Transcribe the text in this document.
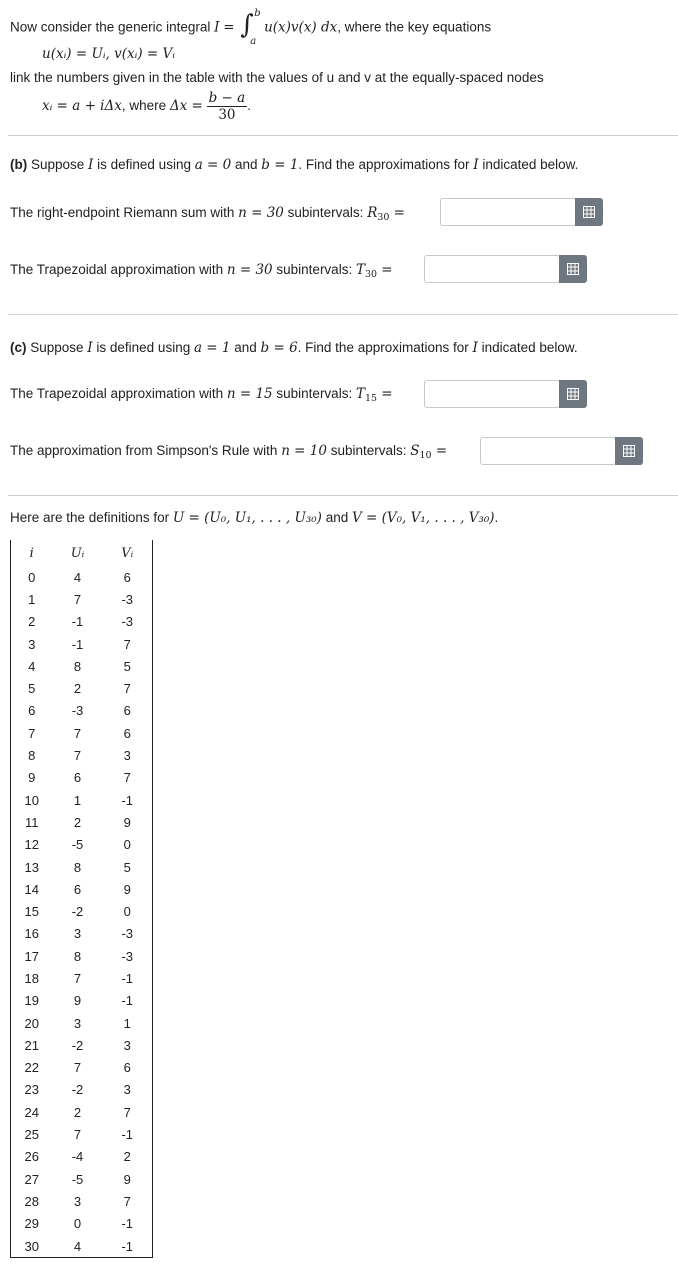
Now consider the generic integral I = ∫ b
a
u(x)v(x) dx, where the key equations
u(xᵢ) = Uᵢ, v(xᵢ) = Vᵢ
link the numbers given in the table with the values of u and v at the equally-spaced nodes
xᵢ = a + iΔx, where $\Delta x = \frac{b - a}{30}$ .
(b) Suppose I is defined using a = 0 and b = 1. Find the approximations for I indicated below.
The right-endpoint Riemann sum with n = 30 subintervals: $R_{30}$ =
The Trapezoidal approximation with n = 30 subintervals: $T_{30}$ =
(c) Suppose I is defined using a = 1 and b = 6. Find the approximations for I indicated below.
The Trapezoidal approximation with n = 15 subintervals: $T_{15}$ =
The approximation from Simpson's Rule with n = 10 subintervals: $S_{10}$ =
Here are the definitions for U = (U₀, U₁, . . . , U₃₀) and V = (V₀, V₁, . . . , V₃₀).
i	Uᵢ	Vᵢ
0	4	6
1	7	-3
2	-1	-3
3	-1	7
4	8	5
5	2	7
6	-3	6
7	7	6
8	7	3
9	6	7
10	1	-1
11	2	9
12	-5	0
13	8	5
14	6	9
15	-2	0
16	3	-3
17	8	-3
18	7	-1
19	9	-1
20	3	1
21	-2	3
22	7	6
23	-2	3
24	2	7
25	7	-1
26	-4	2
27	-5	9
28	3	7
29	0	-1
30	4	-1
